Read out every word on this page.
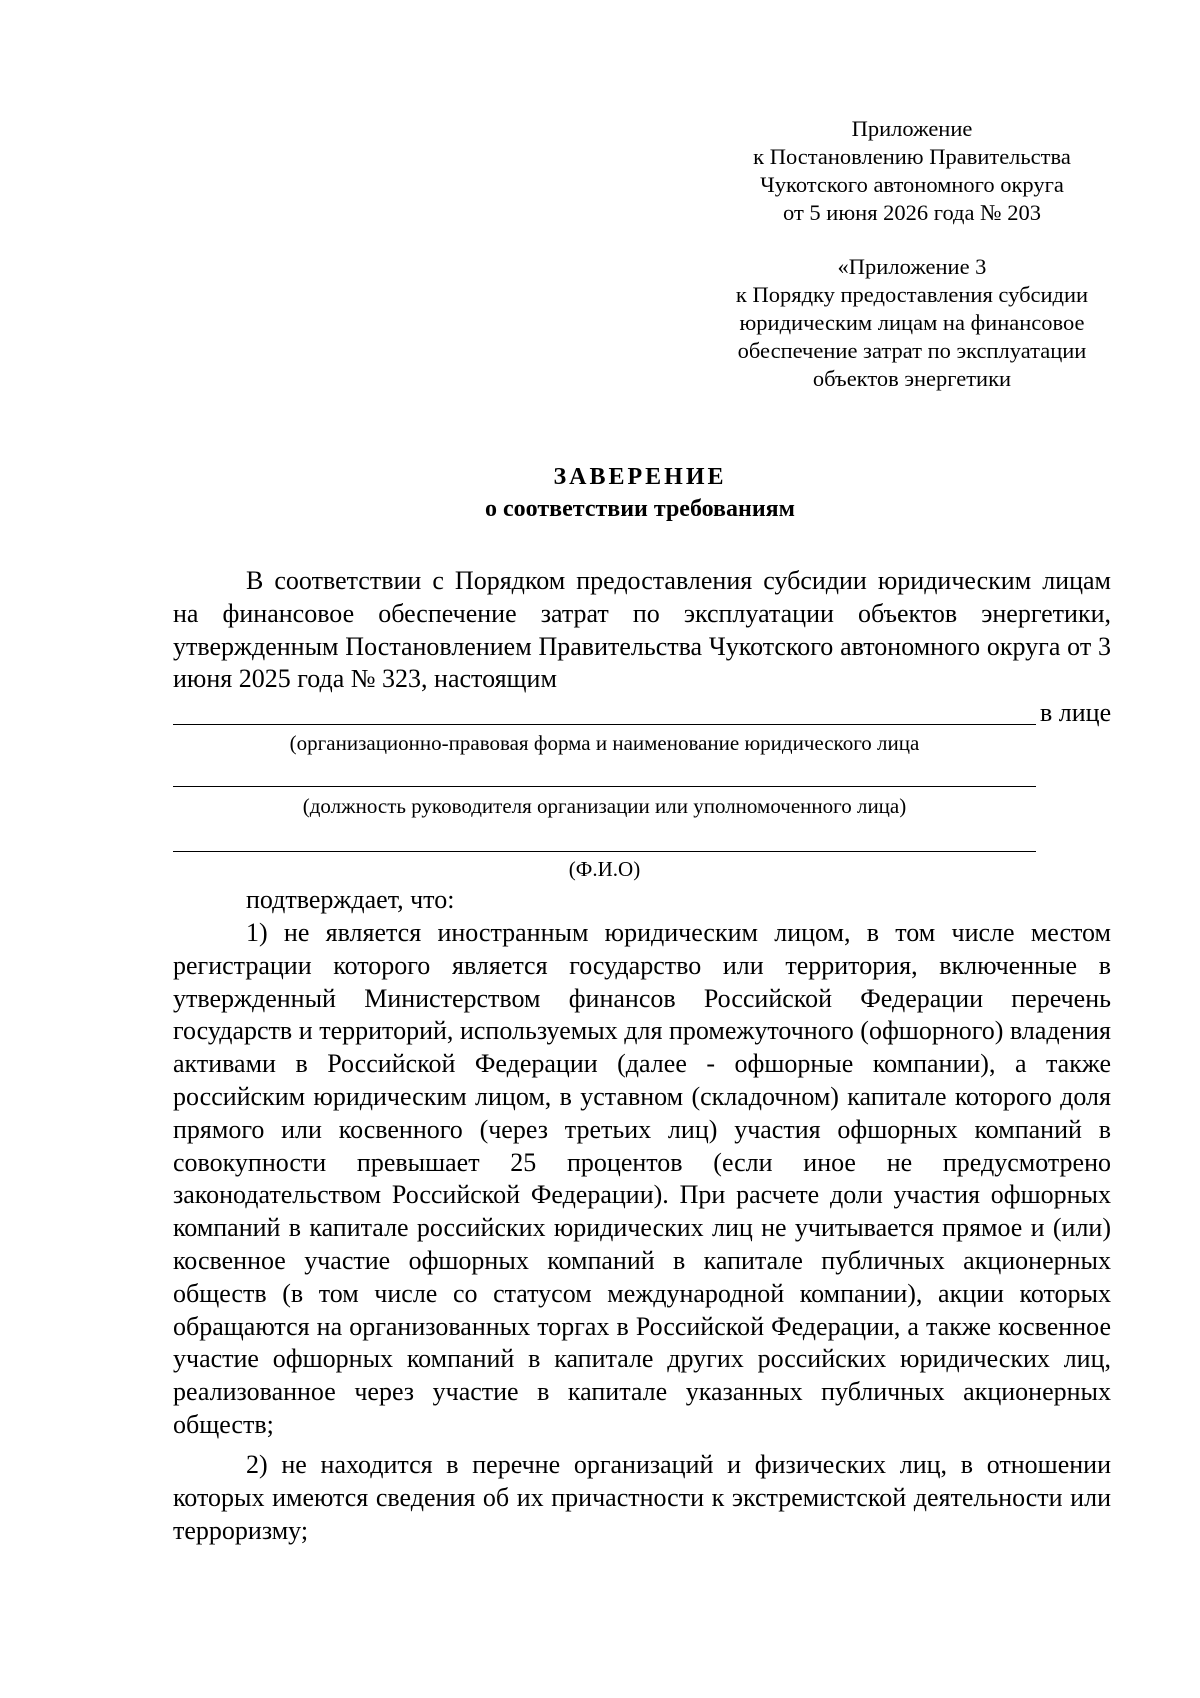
Приложение
к Постановлению Правительства
Чукотского автономного округа
от 5 июня 2026 года № 203
«Приложение 3
к Порядку предоставления субсидии
юридическим лицам на финансовое
обеспечение затрат по эксплуатации
объектов энергетики
ЗАВЕРЕНИЕ
о соответствии требованиям

В соответствии с Порядком предоставления субсидии юридическим лицам на финансовое обеспечение затрат по эксплуатации объектов энергетики, утвержденным Постановлением Правительства Чукотского автономного округа от 3 июня 2025 года № 323, настоящим

в лице
(организационно-правовая форма и наименование юридического лица
(должность руководителя организации или уполномоченного лица)
(Ф.И.О)
подтверждает, что:

1) не является иностранным юридическим лицом, в том числе местом регистрации которого является государство или территория, включенные в утвержденный Министерством финансов Российской Федерации перечень государств и территорий, используемых для промежуточного (офшорного) владения активами в Российской Федерации (далее - офшорные компании), а также российским юридическим лицом, в уставном (складочном) капитале которого доля прямого или косвенного (через третьих лиц) участия офшорных компаний в совокупности превышает 25 процентов (если иное не предусмотрено законодательством Российской Федерации). При расчете доли участия офшорных компаний в капитале российских юридических лиц не учитывается прямое и (или) косвенное участие офшорных компаний в капитале публичных акционерных обществ (в том числе со статусом международной компании), акции которых обращаются на организованных торгах в Российской Федерации, а также косвенное участие офшорных компаний в капитале других российских юридических лиц, реализованное через участие в капитале указанных публичных акционерных обществ;

2) не находится в перечне организаций и физических лиц, в отношении которых имеются сведения об их причастности к экстремистской деятельности или терроризму;
